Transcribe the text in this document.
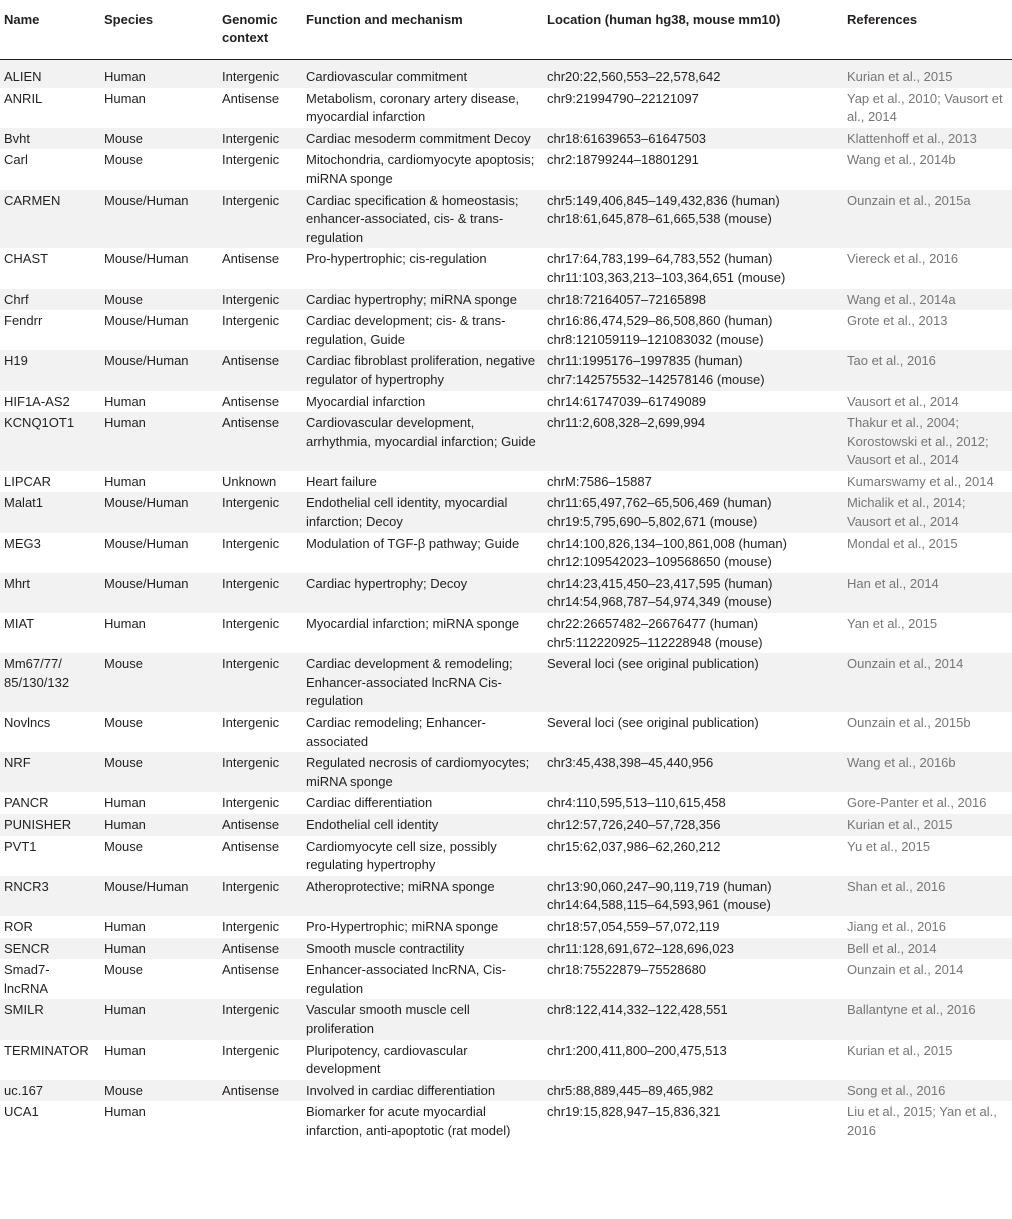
Name	Species	Genomic context	Function and mechanism	Location (human hg38, mouse mm10)	References
ALIEN	Human	Intergenic	Cardiovascular commitment	chr20:22,560,553–22,578,642	Kurian et al., 2015
ANRIL	Human	Antisense	Metabolism, coronary artery disease, myocardial infarction	chr9:21994790–22121097	Yap et al., 2010; Vausort et al., 2014
Bvht	Mouse	Intergenic	Cardiac mesoderm commitment Decoy	chr18:61639653–61647503	Klattenhoff et al., 2013
Carl	Mouse	Intergenic	Mitochondria, cardiomyocyte apoptosis; miRNA sponge	chr2:18799244–18801291	Wang et al., 2014b
CARMEN	Mouse/Human	Intergenic	Cardiac specification & homeostasis; enhancer-associated, cis- & trans-regulation	chr5:149,406,845–149,432,836 (human) chr18:61,645,878–61,665,538 (mouse)	Ounzain et al., 2015a
CHAST	Mouse/Human	Antisense	Pro-hypertrophic; cis-regulation	chr17:64,783,199–64,783,552 (human) chr11:103,363,213–103,364,651 (mouse)	Viereck et al., 2016
Chrf	Mouse	Intergenic	Cardiac hypertrophy; miRNA sponge	chr18:72164057–72165898	Wang et al., 2014a
Fendrr	Mouse/Human	Intergenic	Cardiac development; cis- & trans-regulation, Guide	chr16:86,474,529–86,508,860 (human) chr8:121059119–121083032 (mouse)	Grote et al., 2013
H19	Mouse/Human	Antisense	Cardiac fibroblast proliferation, negative regulator of hypertrophy	chr11:1995176–1997835 (human) chr7:142575532–142578146 (mouse)	Tao et al., 2016
HIF1A-AS2	Human	Antisense	Myocardial infarction	chr14:61747039–61749089	Vausort et al., 2014
KCNQ1OT1	Human	Antisense	Cardiovascular development, arrhythmia, myocardial infarction; Guide	chr11:2,608,328–2,699,994	Thakur et al., 2004; Korostowski et al., 2012; Vausort et al., 2014
LIPCAR	Human	Unknown	Heart failure	chrM:7586–15887	Kumarswamy et al., 2014
Malat1	Mouse/Human	Intergenic	Endothelial cell identity, myocardial infarction; Decoy	chr11:65,497,762–65,506,469 (human) chr19:5,795,690–5,802,671 (mouse)	Michalik et al., 2014; Vausort et al., 2014
MEG3	Mouse/Human	Intergenic	Modulation of TGF-β pathway; Guide	chr14:100,826,134–100,861,008 (human) chr12:109542023–109568650 (mouse)	Mondal et al., 2015
Mhrt	Mouse/Human	Intergenic	Cardiac hypertrophy; Decoy	chr14:23,415,450–23,417,595 (human) chr14:54,968,787–54,974,349 (mouse)	Han et al., 2014
MIAT	Human	Intergenic	Myocardial infarction; miRNA sponge	chr22:26657482–26676477 (human) chr5:112220925–112228948 (mouse)	Yan et al., 2015
Mm67/77/ 85/130/132	Mouse	Intergenic	Cardiac development & remodeling; Enhancer-associated lncRNA Cis-regulation	Several loci (see original publication)	Ounzain et al., 2014
Novlncs	Mouse	Intergenic	Cardiac remodeling; Enhancer-associated	Several loci (see original publication)	Ounzain et al., 2015b
NRF	Mouse	Intergenic	Regulated necrosis of cardiomyocytes; miRNA sponge	chr3:45,438,398–45,440,956	Wang et al., 2016b
PANCR	Human	Intergenic	Cardiac differentiation	chr4:110,595,513–110,615,458	Gore-Panter et al., 2016
PUNISHER	Human	Antisense	Endothelial cell identity	chr12:57,726,240–57,728,356	Kurian et al., 2015
PVT1	Mouse	Antisense	Cardiomyocyte cell size, possibly regulating hypertrophy	chr15:62,037,986–62,260,212	Yu et al., 2015
RNCR3	Mouse/Human	Intergenic	Atheroprotective; miRNA sponge	chr13:90,060,247–90,119,719 (human) chr14:64,588,115–64,593,961 (mouse)	Shan et al., 2016
ROR	Human	Intergenic	Pro-Hypertrophic; miRNA sponge	chr18:57,054,559–57,072,119	Jiang et al., 2016
SENCR	Human	Antisense	Smooth muscle contractility	chr11:128,691,672–128,696,023	Bell et al., 2014
Smad7- lncRNA	Mouse	Antisense	Enhancer-associated lncRNA, Cis-regulation	chr18:75522879–75528680	Ounzain et al., 2014
SMILR	Human	Intergenic	Vascular smooth muscle cell proliferation	chr8:122,414,332–122,428,551	Ballantyne et al., 2016
TERMINATOR	Human	Intergenic	Pluripotency, cardiovascular development	chr1:200,411,800–200,475,513	Kurian et al., 2015
uc.167	Mouse	Antisense	Involved in cardiac differentiation	chr5:88,889,445–89,465,982	Song et al., 2016
UCA1	Human		Biomarker for acute myocardial infarction, anti-apoptotic (rat model)	chr19:15,828,947–15,836,321	Liu et al., 2015; Yan et al., 2016
